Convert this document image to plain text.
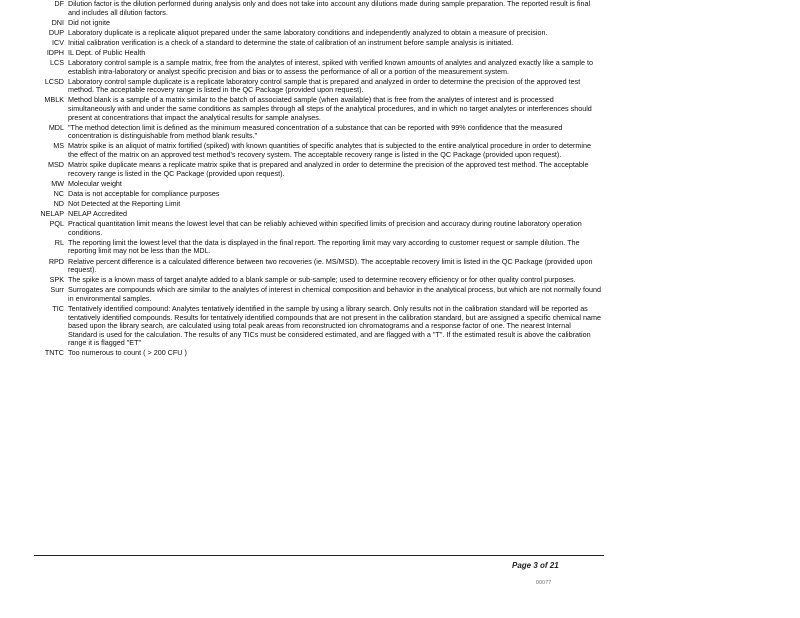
DF Dilution factor is the dilution performed during analysis only and does not take into account any dilutions made during sample preparation. The reported result is final and includes all dilution factors.
DNI Did not ignite
DUP Laboratory duplicate is a replicate aliquot prepared under the same laboratory conditions and independently analyzed to obtain a measure of precision.
ICV Initial calibration verification is a check of a standard to determine the state of calibration of an instrument before sample analysis is initiated.
IDPH IL Dept. of Public Health
LCS Laboratory control sample is a sample matrix, free from the analytes of interest, spiked with verified known amounts of analytes and analyzed exactly like a sample to establish intra-laboratory or analyst specific precision and bias or to assess the performance of all or a portion of the measurement system.
LCSD Laboratory control sample duplicate is a replicate laboratory control sample that is prepared and analyzed in order to determine the precision of the approved test method. The acceptable recovery range is listed in the QC Package (provided upon request).
MBLK Method blank is a sample of a matrix similar to the batch of associated sample (when available) that is free from the analytes of interest and is processed simultaneously with and under the same conditions as samples through all steps of the analytical procedures, and in which no target analytes or interferences should present at concentrations that impact the analytical results for sample analyses.
MDL "The method detection limit is defined as the minimum measured concentration of a substance that can be reported with 99% confidence that the measured concentration is distinguishable from method blank results."
MS Matrix spike is an aliquot of matrix fortified (spiked) with known quantities of specific analytes that is subjected to the entire analytical procedure in order to determine the effect of the matrix on an approved test method's recovery system. The acceptable recovery range is listed in the QC Package (provided upon request).
MSD Matrix spike duplicate means a replicate matrix spike that is prepared and analyzed in order to determine the precision of the approved test method. The acceptable recovery range is listed in the QC Package (provided upon request).
MW Molecular weight
NC Data is not acceptable for compliance purposes
ND Not Detected at the Reporting Limit
NELAP NELAP Accredited
PQL Practical quantitation limit means the lowest level that can be reliably achieved within specified limits of precision and accuracy during routine laboratory operation conditions.
RL The reporting limit the lowest level that the data is displayed in the final report. The reporting limit may vary according to customer request or sample dilution. The reporting limit may not be less than the MDL.
RPD Relative percent difference is a calculated difference between two recoveries (ie. MS/MSD). The acceptable recovery limit is listed in the QC Package (provided upon request).
SPK The spike is a known mass of target analyte added to a blank sample or sub-sample; used to determine recovery efficiency or for other quality control purposes.
Surr Surrogates are compounds which are similar to the analytes of interest in chemical composition and behavior in the analytical process, but which are not normally found in environmental samples.
TIC Tentatively identified compound: Analytes tentatively identified in the sample by using a library search. Only results not in the calibration standard will be reported as tentatively identified compounds. Results for tentatively identified compounds that are not present in the calibration standard, but are assigned a specific chemical name based upon the library search, are calculated using total peak areas from reconstructed ion chromatograms and a response factor of one. The nearest Internal Standard is used for the calculation. The results of any TICs must be considered estimated, and are flagged with a "T". If the estimated result is above the calibration range it is flagged "ET"
TNTC Too numerous to count ( > 200 CFU )
Page 3 of 21
00077
